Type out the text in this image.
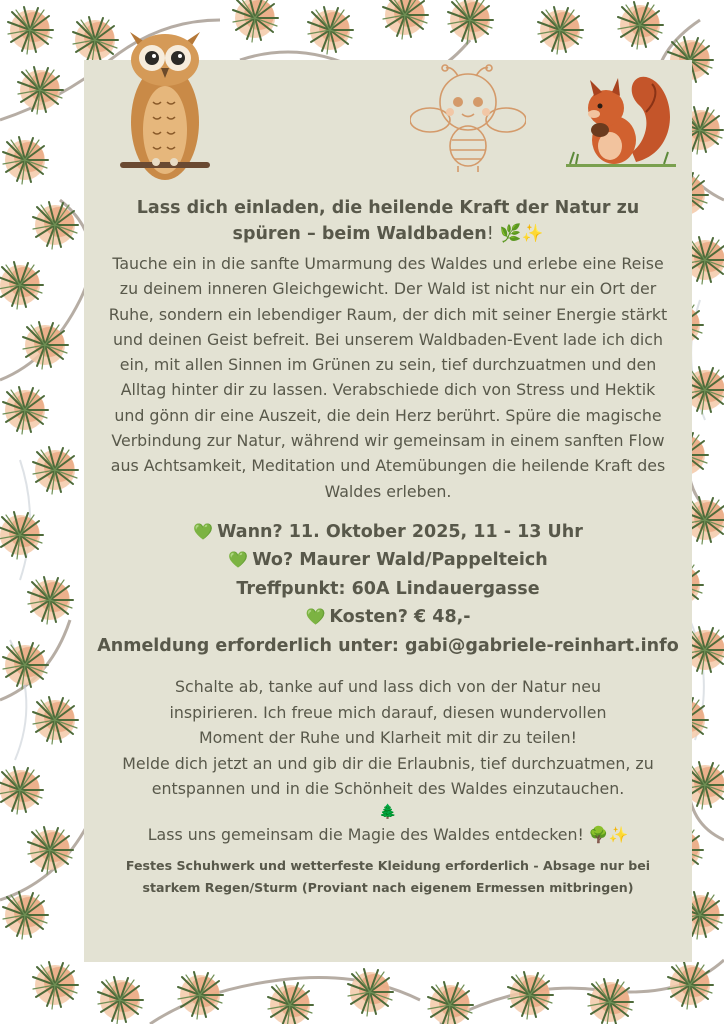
Lass dich einladen, die heilende Kraft der Natur zu
spüren – beim Waldbaden! 🌿✨

Tauche ein in die sanfte Umarmung des Waldes und erlebe eine Reise zu deinem inneren Gleichgewicht. Der Wald ist nicht nur ein Ort der Ruhe, sondern ein lebendiger Raum, der dich mit seiner Energie stärkt und deinen Geist befreit. Bei unserem Waldbaden-Event lade ich dich ein, mit allen Sinnen im Grünen zu sein, tief durchzuatmen und den Alltag hinter dir zu lassen. Verabschiede dich von Stress und Hektik und gönn dir eine Auszeit, die dein Herz berührt. Spüre die magische Verbindung zur Natur, während wir gemeinsam in einem sanften Flow aus Achtsamkeit, Meditation und Atemübungen die heilende Kraft des Waldes erleben.

💚 Wann? 11. Oktober 2025, 11 - 13 Uhr
💚 Wo? Maurer Wald/Pappelteich
Treffpunkt: 60A Lindauergasse
💚 Kosten? € 48,-
Anmeldung erforderlich unter: gabi@gabriele-reinhart.info
Schalte ab, tanke auf und lass dich von der Natur neu inspirieren. Ich freue mich darauf, diesen wundervollen Moment der Ruhe und Klarheit mit dir zu teilen!
Melde dich jetzt an und gib dir die Erlaubnis, tief durchzuatmen, zu entspannen und in die Schönheit des Waldes einzutauchen.
🌲
Lass uns gemeinsam die Magie des Waldes entdecken! 🌳✨
Festes Schuhwerk und wetterfeste Kleidung erforderlich - Absage nur bei starkem Regen/Sturm (Proviant nach eigenem Ermessen mitbringen)
